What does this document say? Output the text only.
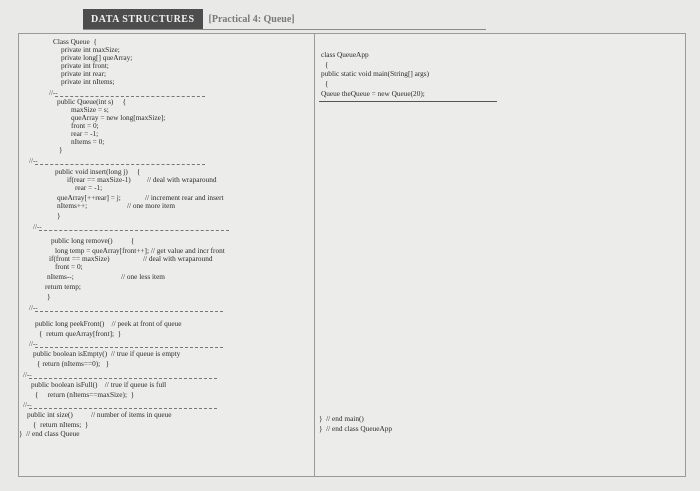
DATA STRUCTURES	[Practical 4: Queue]
Class Queue  {
private int maxSize;
private long[] queArray;
private int front;
private int rear;
private int nItems;
//--
public Queue(int s)     {
maxSize = s;
queArray = new long[maxSize];
front = 0;
rear = -1;
nItems = 0;
}
//--
public void insert(long j)     {
if(rear == maxSize-1) // deal with wraparound
rear = -1;
queArray[++rear] = j;	// increment rear and insert
nItems++;	// one more item
}
//--
public long remove()          {
long temp = queArray[front++]; // get value and incr front
if(front == maxSize)	// deal with wraparound
front = 0;
nItems--;	// one less item
return temp;
}
//--
public long peekFront()    // peek at front of queue
{  return queArray[front];  }
//--
public boolean isEmpty()  // true if queue is empty
{ return (nItems==0);   }
//--
public boolean isFull()    // true if queue is full
{     return (nItems==maxSize);  }
//--
public int size()          // number of items in queue
{  return nItems;  }
}  // end class Queue
class QueueApp
{
public static void main(String[] args)
{
Queue theQueue = new Queue(20);
}  // end main()
}  // end class QueueApp
